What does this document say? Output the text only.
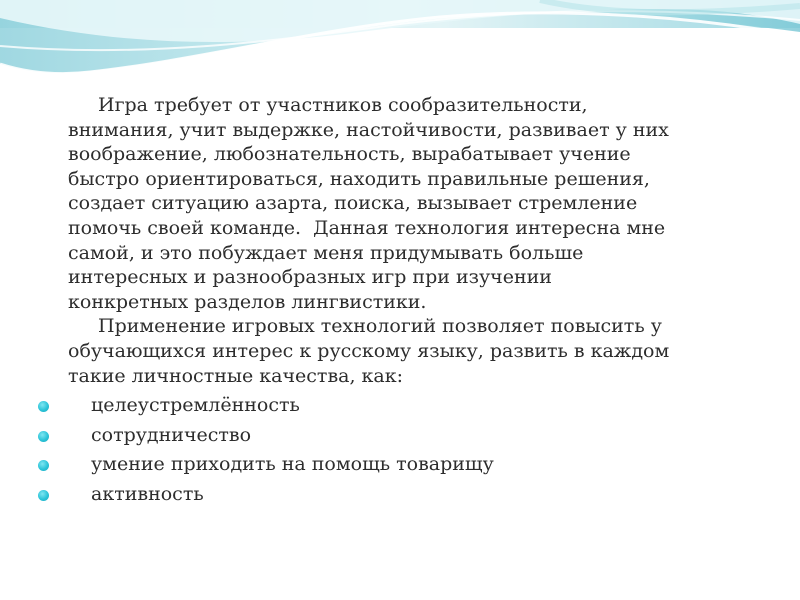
Игра требует от участников сообразительности,
внимания, учит выдержке, настойчивости, развивает у них
воображение, любознательность, вырабатывает учение
быстро ориентироваться, находить правильные решения,
создает ситуацию азарта, поиска, вызывает стремление
помочь своей команде.  Данная технология интересна мне
самой, и это побуждает меня придумывать больше
интересных и разнообразных игр при изучении
конкретных разделов лингвистики.

Применение игровых технологий позволяет повысить у
обучающихся интерес к русскому языку, развить в каждом
такие личностные качества, как:

целеустремлённость
сотрудничество
умение приходить на помощь товарищу
активность
